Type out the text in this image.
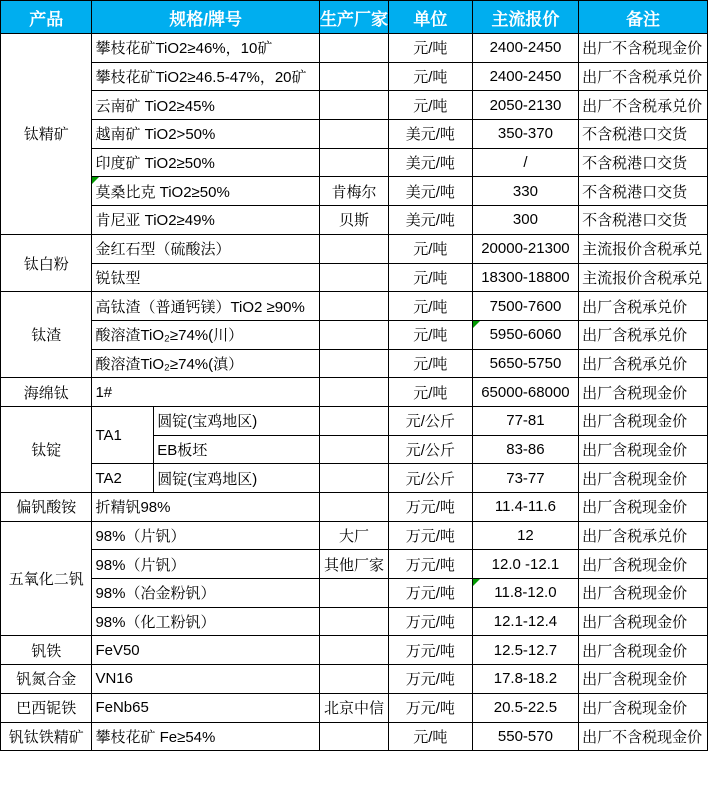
产品	规格/牌号		生产厂家	单位	主流报价	备注
钛精矿	攀枝花矿TiO2≥46%，10矿			元/吨	2400-2450	出厂不含税现金价
	攀枝花矿TiO2≥46.5-47%，20矿			元/吨	2400-2450	出厂不含税承兑价
	云南矿 TiO2≥45%			元/吨	2050-2130	出厂不含税承兑价
	越南矿 TiO2>50%			美元/吨	350-370	不含税港口交货
	印度矿 TiO2≥50%			美元/吨	/	不含税港口交货
	莫桑比克 TiO2≥50%		肯梅尔	美元/吨	330	不含税港口交货
	肯尼亚 TiO2≥49%		贝斯	美元/吨	300	不含税港口交货
钛白粉	金红石型（硫酸法）			元/吨	20000-21300	主流报价含税承兑
	锐钛型			元/吨	18300-18800	主流报价含税承兑
钛渣	高钛渣（普通钙镁）TiO2 ≥90%			元/吨	7500-7600	出厂含税承兑价
	酸溶渣TiO₂≥74%(川）			元/吨	5950-6060	出厂含税承兑价
	酸溶渣TiO₂≥74%(滇）			元/吨	5650-5750	出厂含税承兑价
海绵钛	1#			元/吨	65000-68000	出厂含税现金价
钛锭	TA1	圆锭(宝鸡地区)		元/公斤	77-81	出厂含税现金价
		EB板坯		元/公斤	83-86	出厂含税现金价
	TA2	圆锭(宝鸡地区)		元/公斤	73-77	出厂含税现金价
偏钒酸铵	折精钒98%			万元/吨	11.4-11.6	出厂含税现金价
五氧化二钒	98%（片钒）		大厂	万元/吨	12	出厂含税承兑价
	98%（片钒）		其他厂家	万元/吨	12.0 -12.1	出厂含税现金价
	98%（冶金粉钒）			万元/吨	11.8-12.0	出厂含税现金价
	98%（化工粉钒）			万元/吨	12.1-12.4	出厂含税现金价
钒铁	FeV50			万元/吨	12.5-12.7	出厂含税现金价
钒氮合金	VN16			万元/吨	17.8-18.2	出厂含税现金价
巴西铌铁	FeNb65		北京中信	万元/吨	20.5-22.5	出厂含税现金价
钒钛铁精矿	攀枝花矿 Fe≥54%			元/吨	550-570	出厂不含税现金价
